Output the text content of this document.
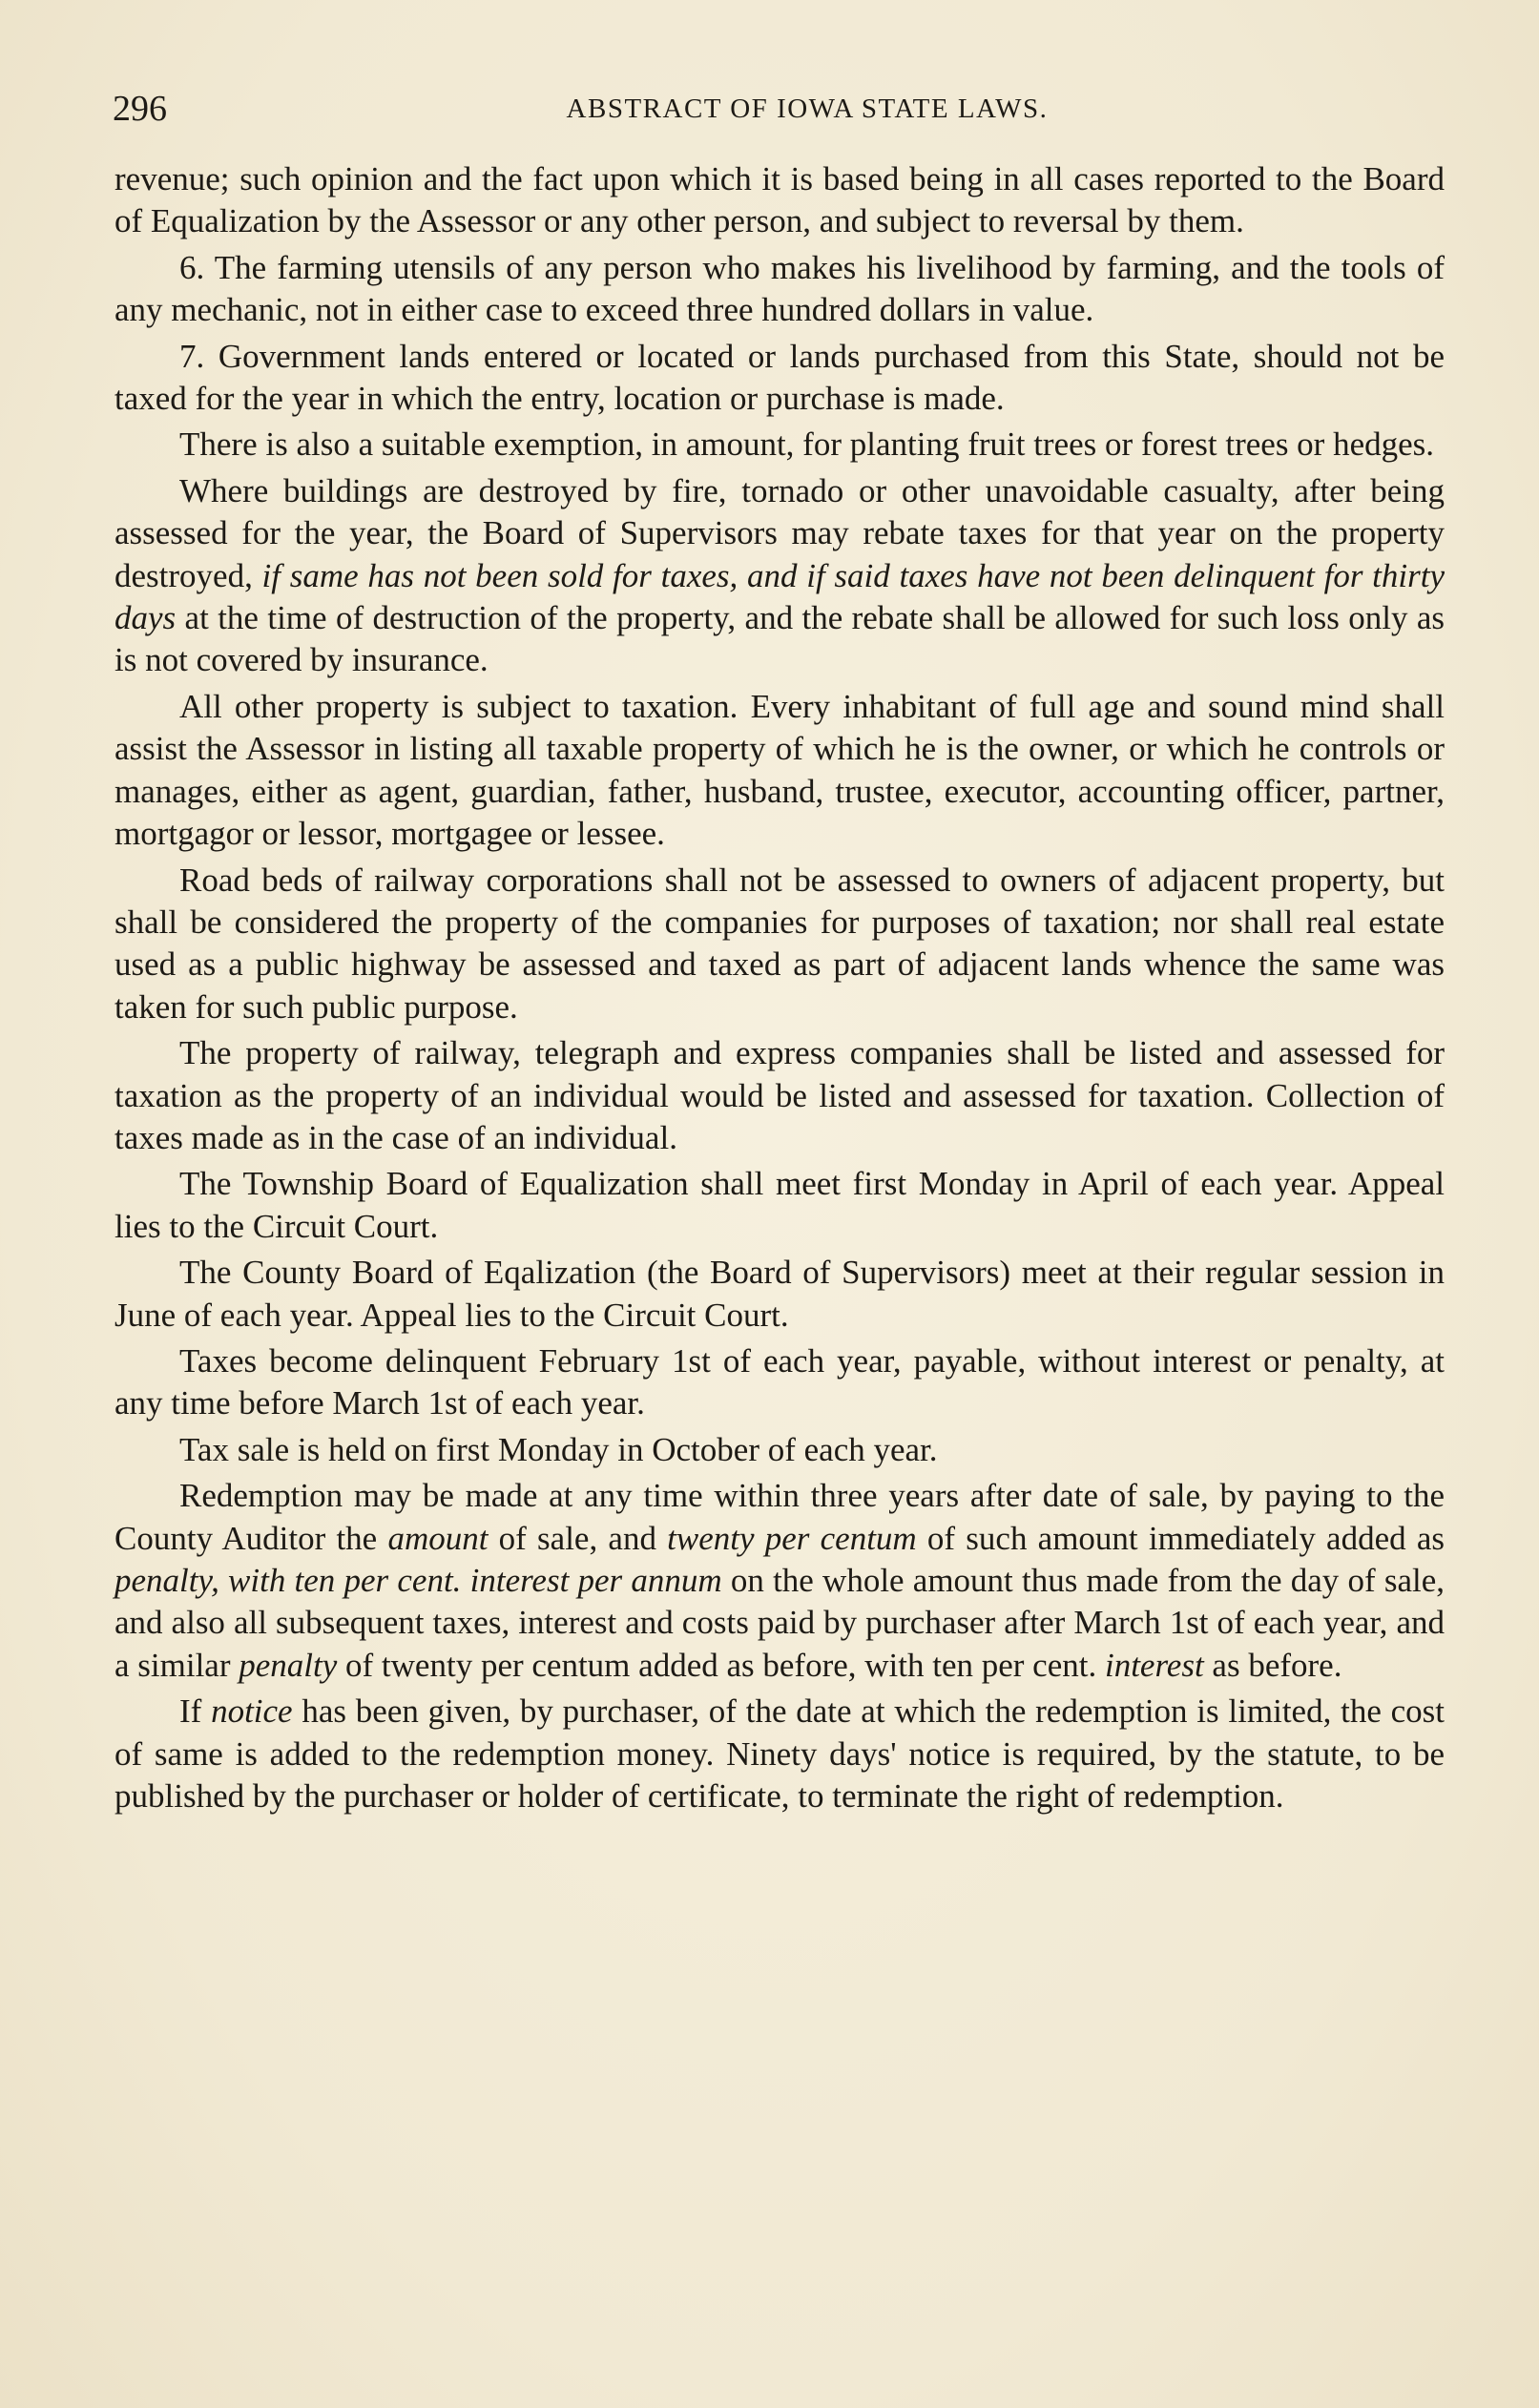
296	ABSTRACT OF IOWA STATE LAWS.

revenue; such opinion and the fact upon which it is based being in all cases reported to the Board of Equalization by the Assessor or any other person, and subject to reversal by them.

6. The farming utensils of any person who makes his livelihood by farming, and the tools of any mechanic, not in either case to exceed three hundred dollars in value.

7. Government lands entered or located or lands purchased from this State, should not be taxed for the year in which the entry, location or purchase is made.

There is also a suitable exemption, in amount, for planting fruit trees or forest trees or hedges.

Where buildings are destroyed by fire, tornado or other unavoidable casualty, after being assessed for the year, the Board of Supervisors may rebate taxes for that year on the property destroyed, if same has not been sold for taxes, and if said taxes have not been delinquent for thirty days at the time of destruction of the property, and the rebate shall be allowed for such loss only as is not covered by insurance.

All other property is subject to taxation. Every inhabitant of full age and sound mind shall assist the Assessor in listing all taxable property of which he is the owner, or which he controls or manages, either as agent, guardian, father, husband, trustee, executor, accounting officer, partner, mortgagor or lessor, mortgagee or lessee.

Road beds of railway corporations shall not be assessed to owners of adjacent property, but shall be considered the property of the companies for purposes of taxation; nor shall real estate used as a public highway be assessed and taxed as part of adjacent lands whence the same was taken for such public purpose.

The property of railway, telegraph and express companies shall be listed and assessed for taxation as the property of an individual would be listed and assessed for taxation. Collection of taxes made as in the case of an individual.

The Township Board of Equalization shall meet first Monday in April of each year. Appeal lies to the Circuit Court.

The County Board of Eqalization (the Board of Supervisors) meet at their regular session in June of each year. Appeal lies to the Circuit Court.

Taxes become delinquent February 1st of each year, payable, without interest or penalty, at any time before March 1st of each year.

Tax sale is held on first Monday in October of each year.

Redemption may be made at any time within three years after date of sale, by paying to the County Auditor the amount of sale, and twenty per centum of such amount immediately added as penalty, with ten per cent. interest per annum on the whole amount thus made from the day of sale, and also all subsequent taxes, interest and costs paid by purchaser after March 1st of each year, and a similar penalty of twenty per centum added as before, with ten per cent. interest as before.

If notice has been given, by purchaser, of the date at which the redemption is limited, the cost of same is added to the redemption money. Ninety days' notice is required, by the statute, to be published by the purchaser or holder of certificate, to terminate the right of redemption.
